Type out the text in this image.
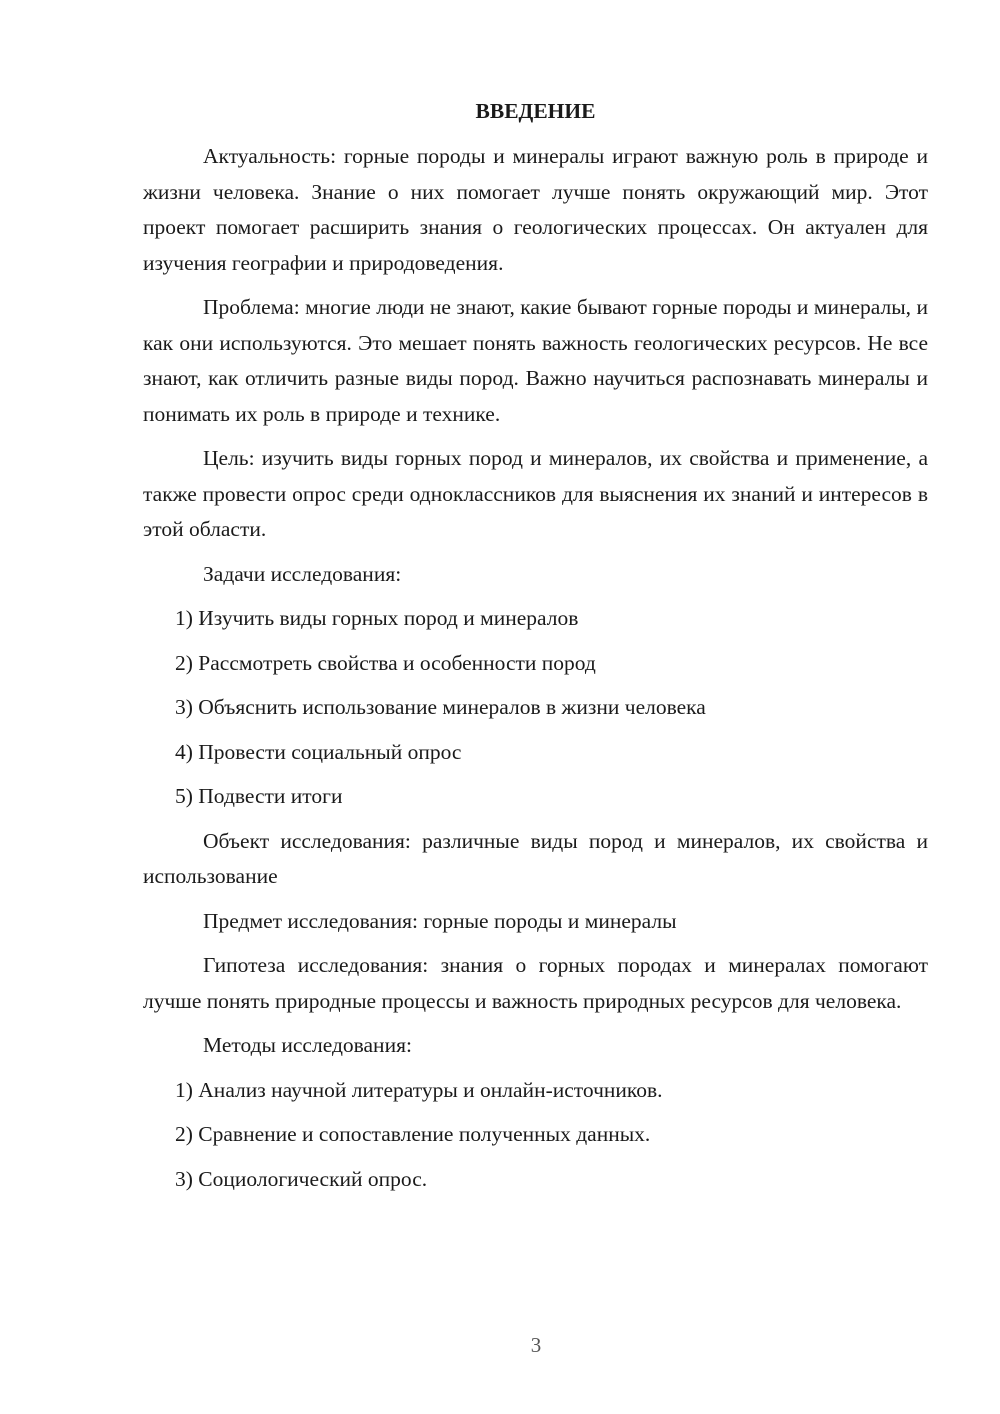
ВВЕДЕНИЕ

Актуальность: горные породы и минералы играют важную роль в природе и жизни человека. Знание о них помогает лучше понять окружающий мир. Этот проект помогает расширить знания о геологических процессах. Он актуален для изучения географии и природоведения.

Проблема: многие люди не знают, какие бывают горные породы и минералы, и как они используются. Это мешает понять важность геологических ресурсов. Не все знают, как отличить разные виды пород. Важно научиться распознавать минералы и понимать их роль в природе и технике.

Цель: изучить виды горных пород и минералов, их свойства и применение, а также провести опрос среди одноклассников для выяснения их знаний и интересов в этой области.

Задачи исследования:

1) Изучить виды горных пород и минералов

2) Рассмотреть свойства и особенности пород

3) Объяснить использование минералов в жизни человека

4) Провести социальный опрос

5) Подвести итоги

Объект исследования: различные виды пород и минералов, их свойства и использование

Предмет исследования: горные породы и минералы

Гипотеза исследования: знания о горных породах и минералах помогают лучше понять природные процессы и важность природных ресурсов для человека.

Методы исследования:

1) Анализ научной литературы и онлайн-источников.

2) Сравнение и сопоставление полученных данных.

3) Социологический опрос.

3
